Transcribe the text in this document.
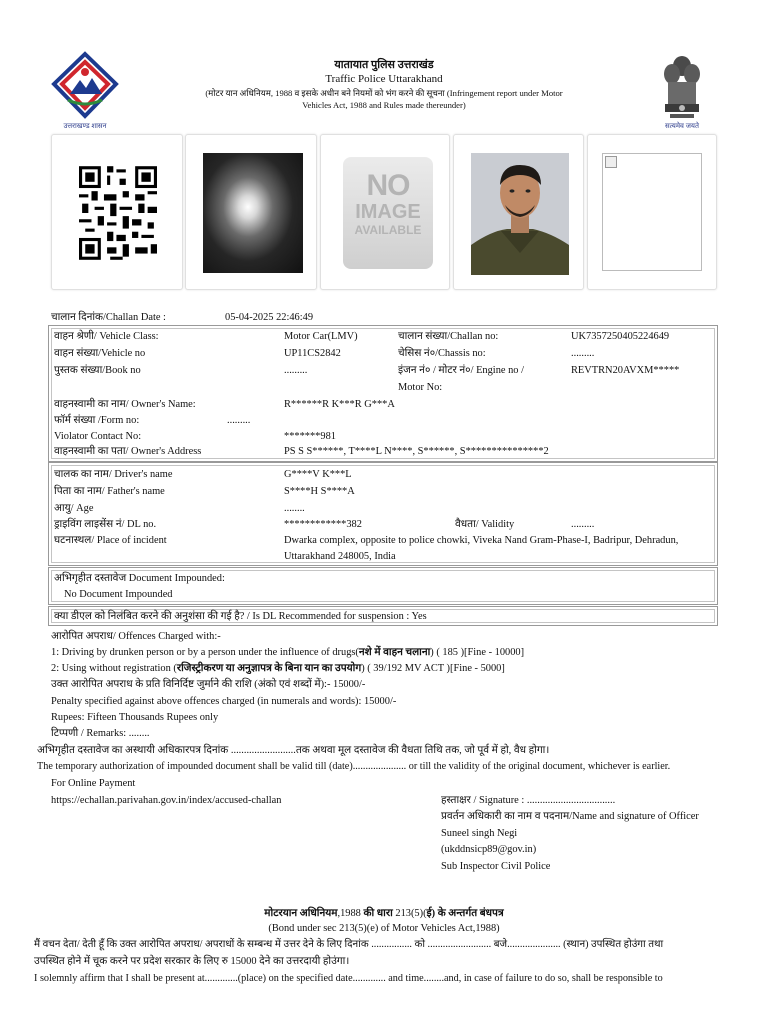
उत्तराखण्ड शासन	सत्यमेव जयते
यातायात पुलिस उत्तराखंड
Traffic Police Uttarakhand
(मोटर यान अधिनियम, 1988 व इसके अधीन बने नियमों को भंग करने की सूचना (Infringement report under Motor
Vehicles Act, 1988 and Rules made thereunder)
NO
IMAGE
AVAILABLE
चालान दिनांक/Challan Date :	05-04-2025 22:46:49
वाहन श्रेणी/ Vehicle Class:	Motor Car(LMV)	चालान संख्या/Challan no:	UK7357250405224649
वाहन संख्या/Vehicle no	UP11CS2842	चेसिस नं०/Chassis no:	.........
पुस्तक संख्या/Book no	.........	इंजन नं० / मोटर नं०/ Engine no /	REVTRN20AVXM*****
Motor No:
वाहनस्वामी का नाम/ Owner's Name:	R******R K***R G***A
फॉर्म संख्या /Form no:	.........
Violator Contact No:	*******981
वाहनस्वामी का पता/ Owner's Address	PS S S******, T****L N****, S******, S***************2
चालक का नाम/ Driver's name	G****V K***L
पिता का नाम/ Father's name	S****H S****A
आयु/ Age	........
ड्राइविंग लाइसेंस नं/ DL no.	************382	वैधता/ Validity	.........
घटनास्थल/ Place of incident	Dwarka complex, opposite to police chowki, Viveka Nand Gram-Phase-I, Badripur, Dehradun,
Uttarakhand 248005, India
अभिगृहीत दस्तावेज Document Impounded:
No Document Impounded
क्या डीएल को निलंबित करने की अनुशंसा की गई है? / Is DL Recommended for suspension : Yes
आरोपित अपराध/ Offences Charged with:-
1: Driving by drunken person or by a person under the influence of drugs(नशे में वाहन चलाना) ( 185 )[Fine - 10000]
2: Using without registration (रजिस्ट्रीकरण या अनुज्ञापत्र के बिना यान का उपयोग) ( 39/192 MV ACT )[Fine - 5000]
उक्त आरोपित अपराध के प्रति विनिर्दिष्ट जुर्माने की राशि (अंको एवं शब्दों में):- 15000/-
Penalty specified against above offences charged (in numerals and words): 15000/-
Rupees: Fifteen Thousands Rupees only
टिप्पणी / Remarks: ........
अभिगृहीत दस्तावेज का अस्थायी अधिकारपत्र दिनांक .........................तक अथवा मूल दस्तावेज की वैधता तिथि तक, जो पूर्व में हो, वैध होगा।
The temporary authorization of impounded document shall be valid till (date)..................... or till the validity of the original document, whichever is earlier.
For Online Payment
https://echallan.parivahan.gov.in/index/accused-challan	हस्ताक्षर / Signature : ..................................
प्रवर्तन अधिकारी का नाम व पदनाम/Name and signature of Officer
Suneel singh Negi
(ukddnsicp89@gov.in)
Sub Inspector Civil Police
मोटरयान अधिनियम,1988 की धारा 213(5)(ई) के अन्तर्गत बंधपत्र
(Bond under sec 213(5)(e) of Motor Vehicles Act,1988)
मैं वचन देता/ देती हूँ कि उक्त आरोपित अपराध/ अपराधों के सम्बन्ध में उत्तर देने के लिए दिनांक ................ को ......................... बजे..................... (स्थान) उपस्थित होउंगा तथा
उपस्थित होने में चूक करने पर प्रदेश सरकार के लिए रु 15000 देने का उत्तरदायी होउंगा।
I solemnly affirm that I shall be present at.............(place) on the specified date............. and time........and, in case of failure to do so, shall be responsible to
